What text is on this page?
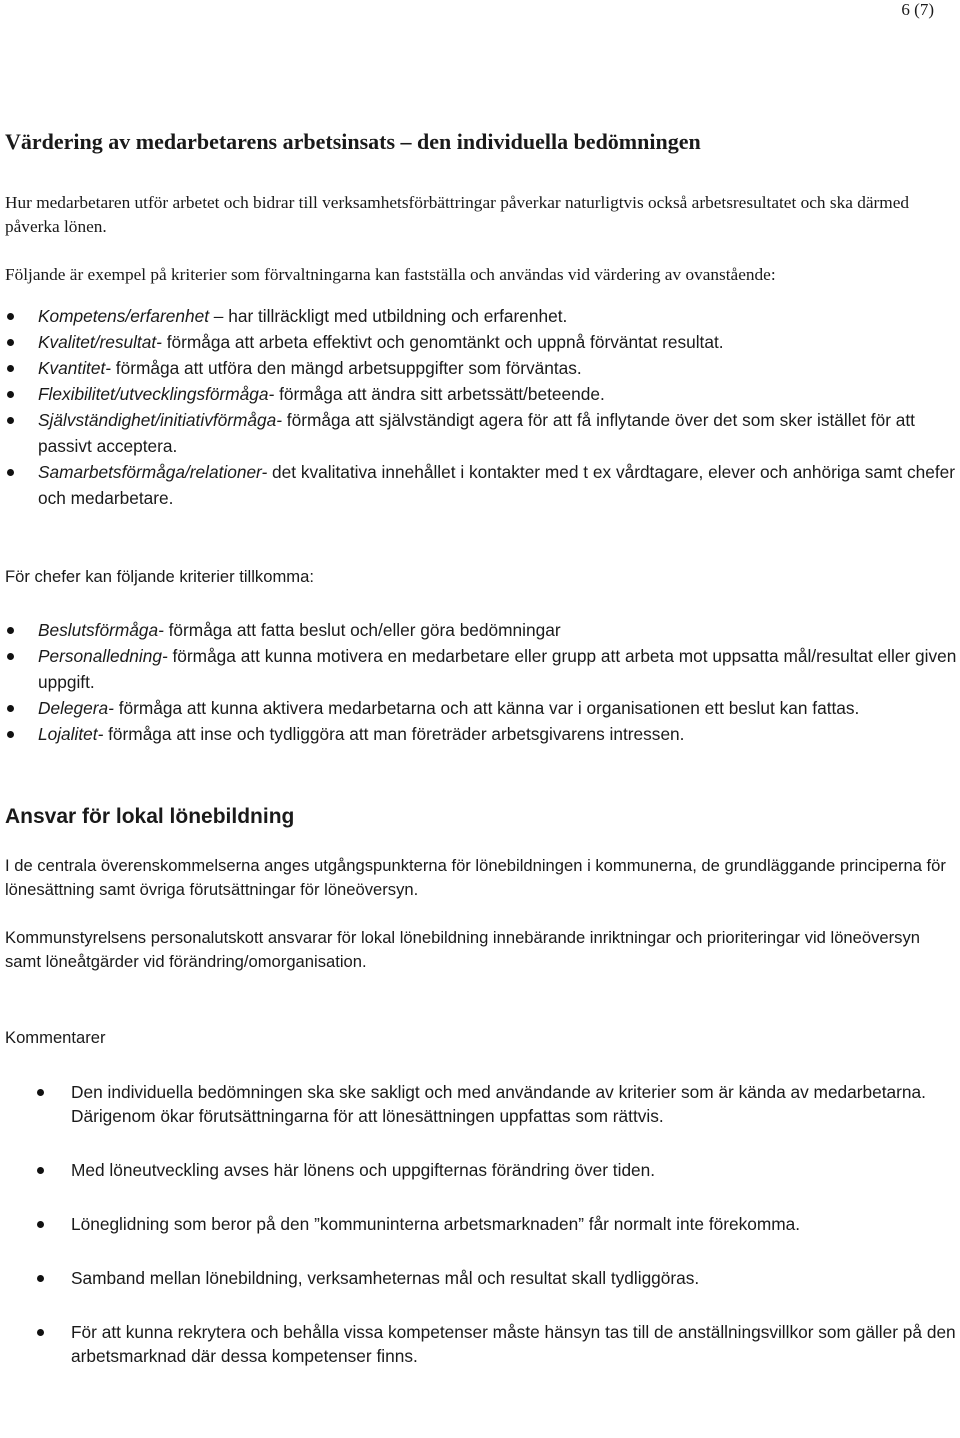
6 (7)
Värdering av medarbetarens arbetsinsats – den individuella bedömningen

Hur medarbetaren utför arbetet och bidrar till verksamhetsförbättringar påverkar naturligtvis också arbetsresultatet och ska därmed påverka lönen.

Följande är exempel på kriterier som förvaltningarna kan fastställa och användas vid värdering av ovanstående:

Kompetens/erfarenhet – har tillräckligt med utbildning och erfarenhet.
Kvalitet/resultat- förmåga att arbeta effektivt och genomtänkt och uppnå förväntat resultat.
Kvantitet- förmåga att utföra den mängd arbetsuppgifter som förväntas.
Flexibilitet/utvecklingsförmåga- förmåga att ändra sitt arbetssätt/beteende.
Självständighet/initiativförmåga- förmåga att självständigt agera för att få inflytande över det som sker istället för att passivt acceptera.
Samarbetsförmåga/relationer- det kvalitativa innehållet i kontakter med t ex vårdtagare, elever och anhöriga samt chefer och medarbetare.

För chefer kan följande kriterier tillkomma:

Beslutsförmåga- förmåga att fatta beslut och/eller göra bedömningar
Personalledning- förmåga att kunna motivera en medarbetare eller grupp att arbeta mot uppsatta mål/resultat eller given uppgift.
Delegera- förmåga att kunna aktivera medarbetarna och att känna var i organisationen ett beslut kan fattas.
Lojalitet- förmåga att inse och tydliggöra att man företräder arbetsgivarens intressen.
Ansvar för lokal lönebildning

I de centrala överenskommelserna anges utgångspunkterna för lönebildningen i kommunerna, de grundläggande principerna för lönesättning samt övriga förutsättningar för löneöversyn.

Kommunstyrelsens personalutskott ansvarar för lokal lönebildning innebärande inriktningar och prioriteringar vid löneöversyn samt löneåtgärder vid förändring/omorganisation.

Kommentarer

Den individuella bedömningen ska ske sakligt och med användande av kriterier som är kända av medarbetarna. Därigenom ökar förutsättningarna för att lönesättningen uppfattas som rättvis.
Med löneutveckling avses här lönens och uppgifternas förändring över tiden.
Löneglidning som beror på den ”kommuninterna arbetsmarknaden” får normalt inte förekomma.
Samband mellan lönebildning, verksamheternas mål och resultat skall tydliggöras.
För att kunna rekrytera och behålla vissa kompetenser måste hänsyn tas till de anställningsvillkor som gäller på den arbetsmarknad där dessa kompetenser finns.
